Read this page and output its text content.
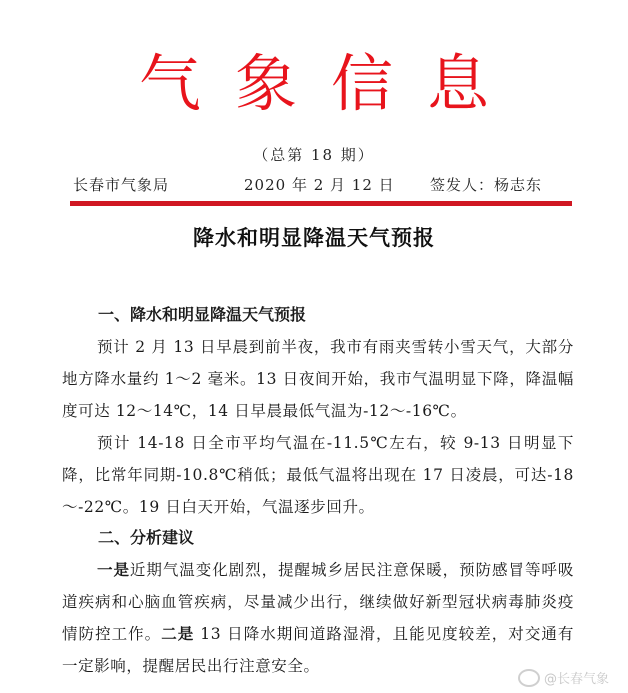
气象信息
（总第 18 期）
长春市气象局	2020 年 2 月 12 日 签发人：杨志东
降水和明显降温天气预报
一、降水和明显降温天气预报
预计 2 月 13 日早晨到前半夜，我市有雨夹雪转小雪天气，大部分地方降水量约 1～2 毫米。13 日夜间开始，我市气温明显下降，降温幅度可达 12～14℃，14 日早晨最低气温为-12～-16℃。
预计 14-18 日全市平均气温在-11.5℃左右，较 9-13 日明显下降，比常年同期-10.8℃稍低；最低气温将出现在 17 日凌晨，可达-18～-22℃。19 日白天开始，气温逐步回升。
二、分析建议
一是近期气温变化剧烈，提醒城乡居民注意保暖，预防感冒等呼吸道疾病和心脑血管疾病，尽量减少出行，继续做好新型冠状病毒肺炎疫情防控工作。二是 13 日降水期间道路湿滑，且能见度较差，对交通有一定影响，提醒居民出行注意安全。
@长春气象
